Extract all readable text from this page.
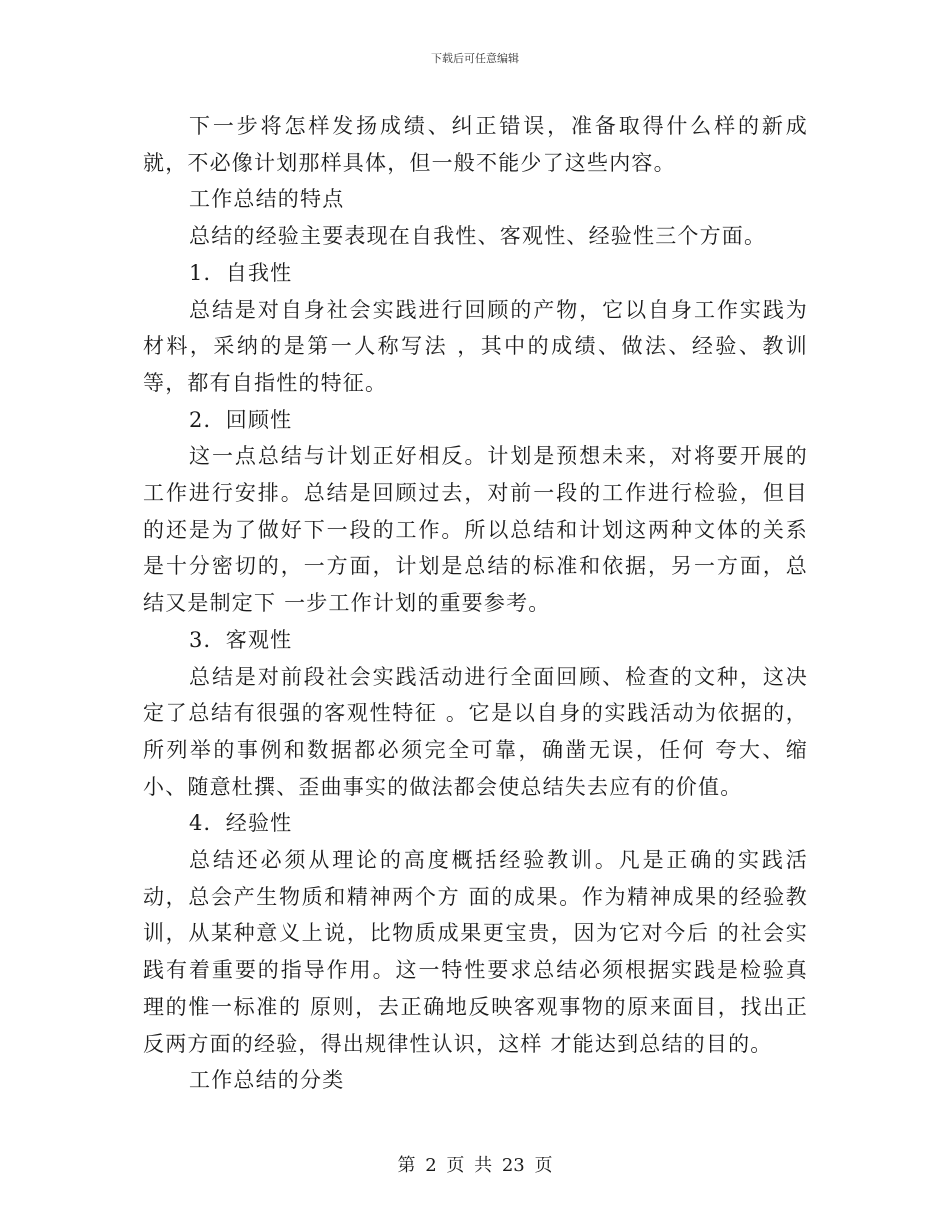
下载后可任意编辑

下一步将怎样发扬成绩、纠正错误，准备取得什么样的新成就，不必像计划那样具体，但一般不能少了这些内容。

工作总结的特点

总结的经验主要表现在自我性、客观性、经验性三个方面。

1．自我性

总结是对自身社会实践进行回顾的产物，它以自身工作实践为材料，采纳的是第一人称写法 ，其中的成绩、做法、经验、教训等，都有自指性的特征。

2．回顾性

这一点总结与计划正好相反。计划是预想未来，对将要开展的工作进行安排。总结是回顾过去，对前一段的工作进行检验，但目的还是为了做好下一段的工作。所以总结和计划这两种文体的关系是十分密切的，一方面，计划是总结的标准和依据，另一方面，总结又是制定下 一步工作计划的重要参考。

3．客观性

总结是对前段社会实践活动进行全面回顾、检查的文种，这决定了总结有很强的客观性特征 。它是以自身的实践活动为依据的，所列举的事例和数据都必须完全可靠，确凿无误，任何 夸大、缩小、随意杜撰、歪曲事实的做法都会使总结失去应有的价值。

4．经验性

总结还必须从理论的高度概括经验教训。凡是正确的实践活动，总会产生物质和精神两个方 面的成果。作为精神成果的经验教训，从某种意义上说，比物质成果更宝贵，因为它对今后 的社会实践有着重要的指导作用。这一特性要求总结必须根据实践是检验真理的惟一标准的 原则，去正确地反映客观事物的原来面目，找出正反两方面的经验，得出规律性认识，这样 才能达到总结的目的。

工作总结的分类

第 2 页 共 23 页
